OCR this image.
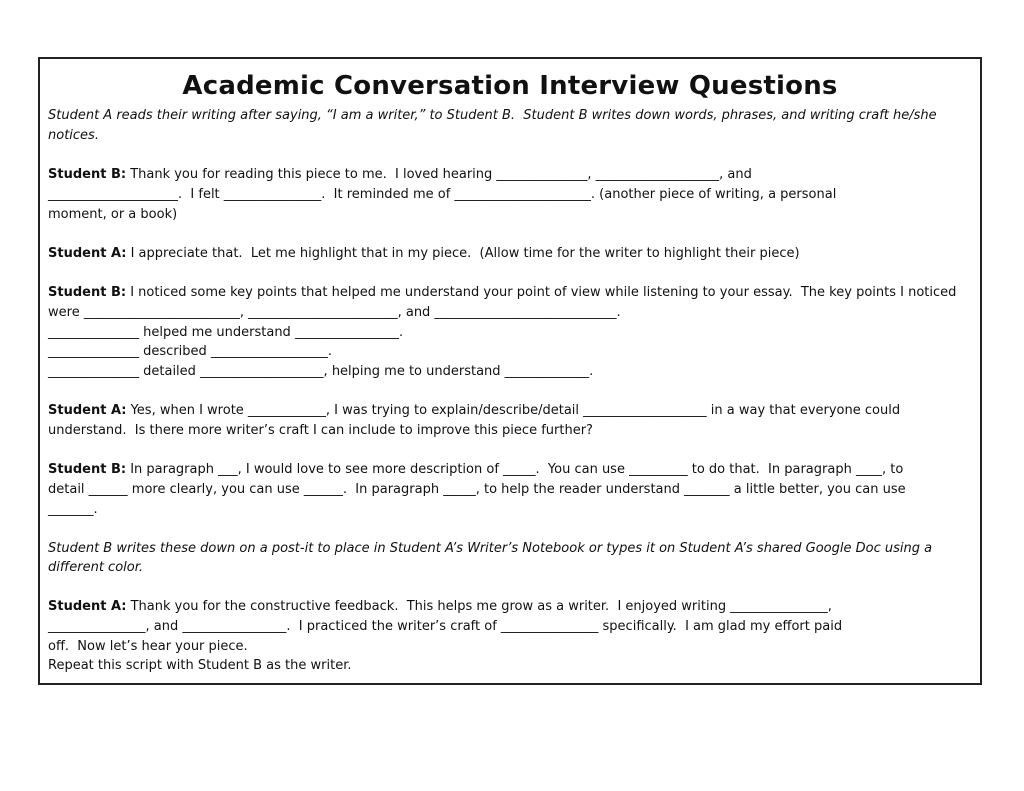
Academic Conversation Interview Questions
Student A reads their writing after saying, “I am a writer,” to Student B.  Student B writes down words, phrases, and writing craft he/she
notices.
Student B: Thank you for reading this piece to me.  I loved hearing ______________, ___________________, and
____________________.  I felt _______________.  It reminded me of _____________________. (another piece of writing, a personal
moment, or a book)
Student A: I appreciate that.  Let me highlight that in my piece.  (Allow time for the writer to highlight their piece)
Student B: I noticed some key points that helped me understand your point of view while listening to your essay.  The key points I noticed
were ________________________, _______________________, and ____________________________.
______________ helped me understand ________________.
______________ described __________________.
______________ detailed ___________________, helping me to understand _____________.
Student A: Yes, when I wrote ____________, I was trying to explain/describe/detail ___________________ in a way that everyone could
understand.  Is there more writer’s craft I can include to improve this piece further?
Student B: In paragraph ___, I would love to see more description of _____.  You can use _________ to do that.  In paragraph ____, to
detail ______ more clearly, you can use ______.  In paragraph _____, to help the reader understand _______ a little better, you can use
_______.
Student B writes these down on a post-it to place in Student A’s Writer’s Notebook or types it on Student A’s shared Google Doc using a
different color.
Student A: Thank you for the constructive feedback.  This helps me grow as a writer.  I enjoyed writing _______________,
_______________, and ________________.  I practiced the writer’s craft of _______________ specifically.  I am glad my effort paid
off.  Now let’s hear your piece.
Repeat this script with Student B as the writer.
